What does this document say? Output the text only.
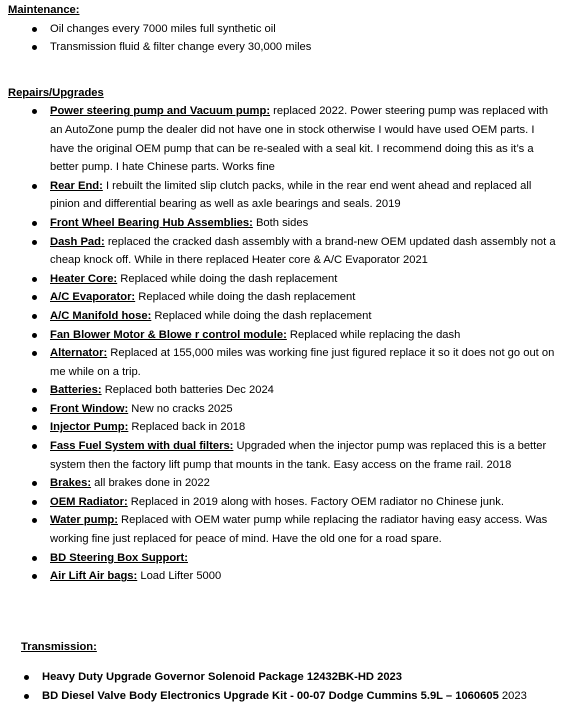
Maintenance:

Oil changes every 7000 miles full synthetic oil
Transmission fluid & filter change every 30,000 miles

Repairs/Upgrades

Power steering pump and Vacuum pump: replaced 2022. Power steering pump was replaced with an AutoZone pump the dealer did not have one in stock otherwise I would have used OEM parts. I have the original OEM pump that can be re-sealed with a seal kit. I recommend doing this as it’s a better pump. I hate Chinese parts. Works fine
Rear End: I rebuilt the limited slip clutch packs, while in the rear end went ahead and replaced all pinion and differential bearing as well as axle bearings and seals. 2019
Front Wheel Bearing Hub Assemblies: Both sides
Dash Pad: replaced the cracked dash assembly with a brand-new OEM updated dash assembly not a cheap knock off. While in there replaced Heater core & A/C Evaporator 2021
Heater Core: Replaced while doing the dash replacement
A/C Evaporator: Replaced while doing the dash replacement
A/C Manifold hose: Replaced while doing the dash replacement
Fan Blower Motor & Blowe r control module: Replaced while replacing the dash
Alternator: Replaced at 155,000 miles was working fine just figured replace it so it does not go out on me while on a trip.
Batteries: Replaced both batteries Dec 2024
Front Window: New no cracks 2025
Injector Pump: Replaced back in 2018
Fass Fuel System with dual filters: Upgraded when the injector pump was replaced this is a better system then the factory lift pump that mounts in the tank. Easy access on the frame rail. 2018
Brakes: all brakes done in 2022
OEM Radiator: Replaced in 2019 along with hoses. Factory OEM radiator no Chinese junk.
Water pump: Replaced with OEM water pump while replacing the radiator having easy access. Was working fine just replaced for peace of mind. Have the old one for a road spare.
BD Steering Box Support:
Air Lift Air bags: Load Lifter 5000

Transmission:

Heavy Duty Upgrade Governor Solenoid Package 12432BK-HD 2023
BD Diesel Valve Body Electronics Upgrade Kit - 00-07 Dodge Cummins 5.9L – 1060605 2023
